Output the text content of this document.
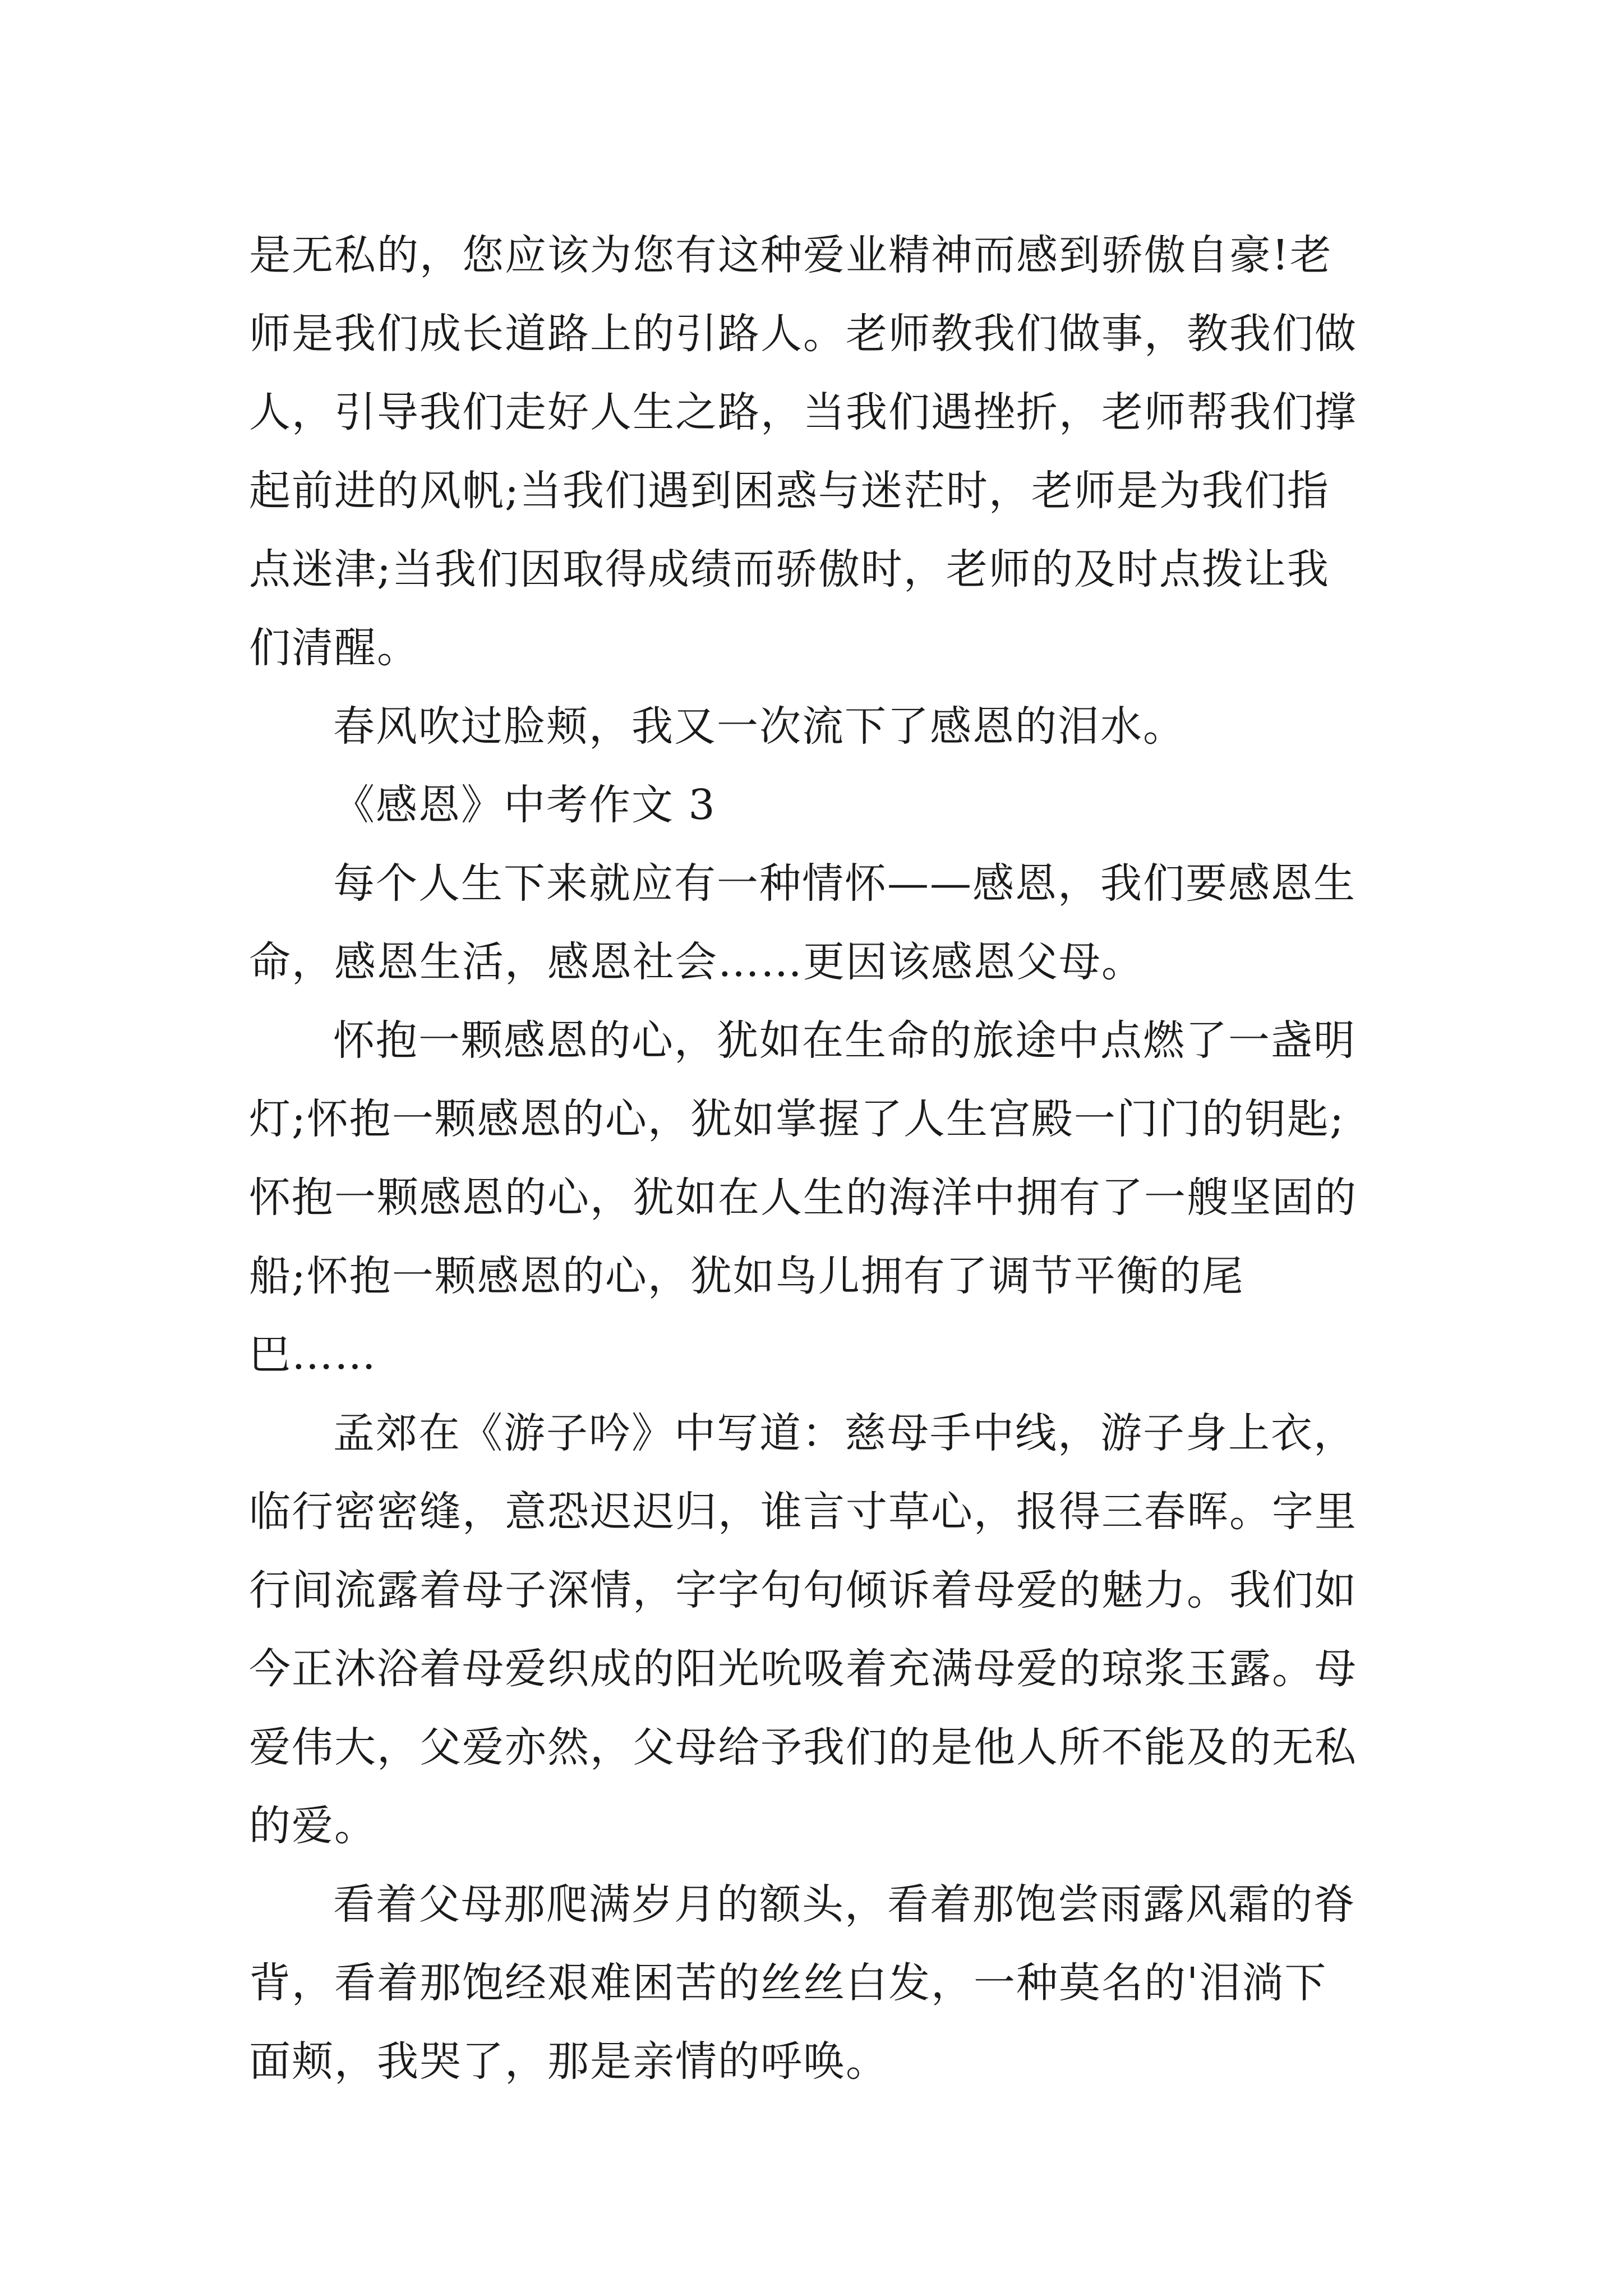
是无私的，您应该为您有这种爱业精神而感到骄傲自豪!老
师是我们成长道路上的引路人。老师教我们做事，教我们做
人，引导我们走好人生之路，当我们遇挫折，老师帮我们撑
起前进的风帆;当我们遇到困惑与迷茫时，老师是为我们指
点迷津;当我们因取得成绩而骄傲时，老师的及时点拨让我
们清醒。
春风吹过脸颊，我又一次流下了感恩的泪水。
《感恩》中考作文 3
每个人生下来就应有一种情怀——感恩，我们要感恩生
命，感恩生活，感恩社会……更因该感恩父母。
怀抱一颗感恩的心，犹如在生命的旅途中点燃了一盏明
灯;怀抱一颗感恩的心，犹如掌握了人生宫殿一门门的钥匙;
怀抱一颗感恩的心，犹如在人生的海洋中拥有了一艘坚固的
船;怀抱一颗感恩的心，犹如鸟儿拥有了调节平衡的尾
巴……
孟郊在《游子吟》中写道：慈母手中线，游子身上衣，
临行密密缝，意恐迟迟归，谁言寸草心，报得三春晖。字里
行间流露着母子深情，字字句句倾诉着母爱的魅力。我们如
今正沐浴着母爱织成的阳光吮吸着充满母爱的琼浆玉露。母
爱伟大，父爱亦然，父母给予我们的是他人所不能及的无私
的爱。
看着父母那爬满岁月的额头，看着那饱尝雨露风霜的脊
背，看着那饱经艰难困苦的丝丝白发，一种莫名的'泪淌下
面颊，我哭了，那是亲情的呼唤。
